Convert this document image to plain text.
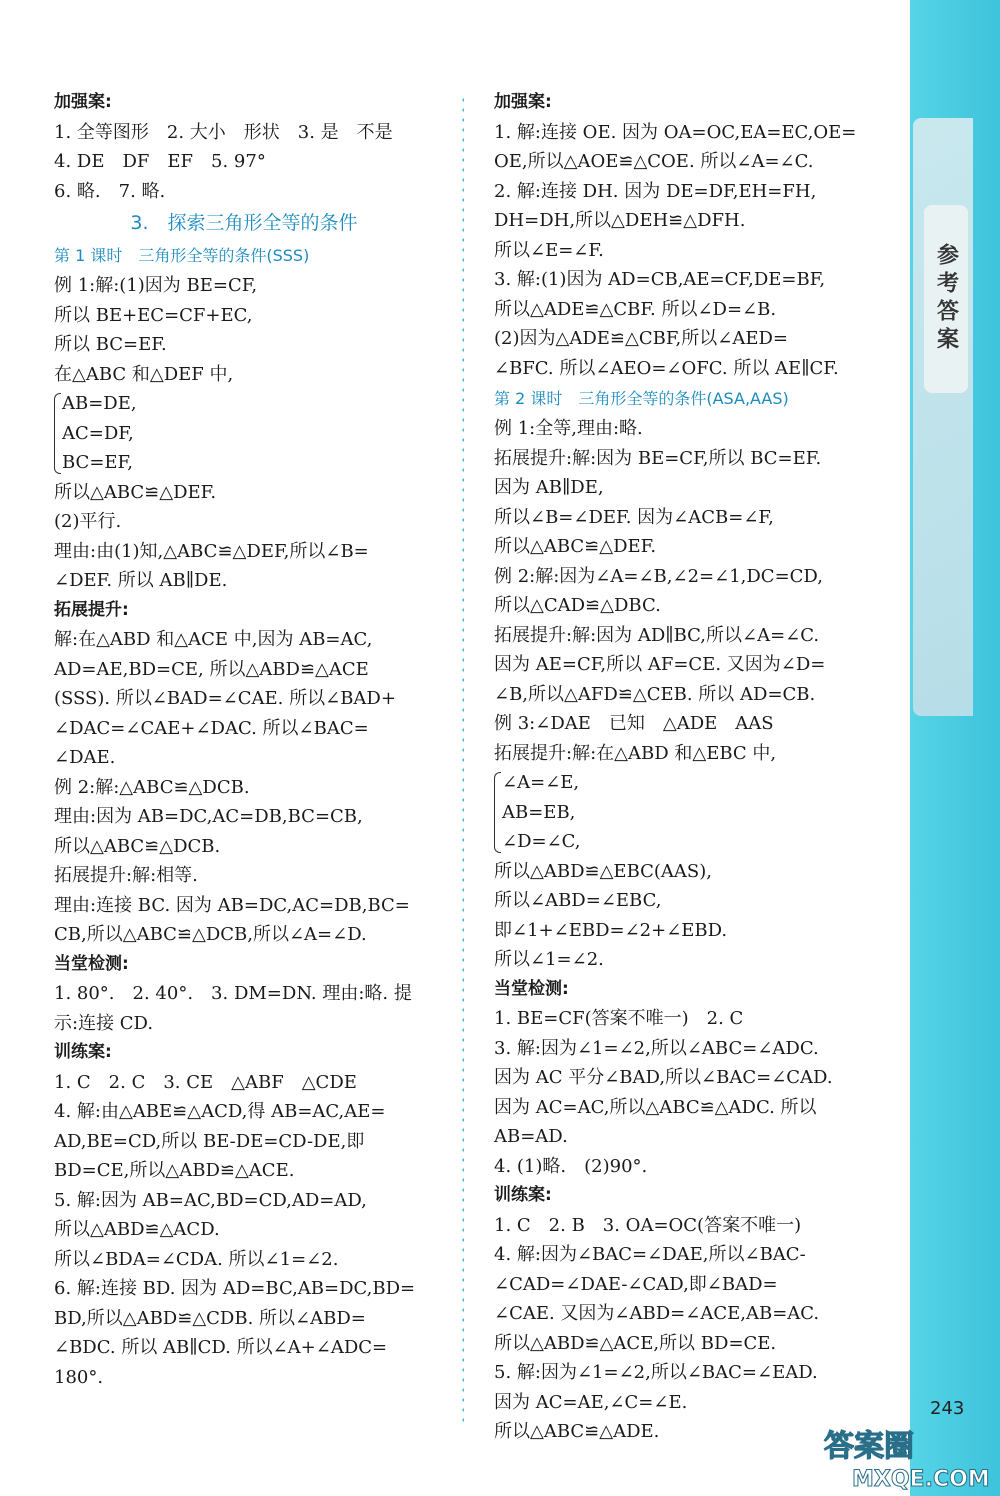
参考答案
加强案:
1. 全等图形　2. 大小　形状　3. 是　不是
4. DE　DF　EF　5. 97°
6. 略.　7. 略.
3.　探索三角形全等的条件
第 1 课时　三角形全等的条件(SSS)
例 1:解:(1)因为 BE=CF,
所以 BE+EC=CF+EC,
所以 BC=EF.
在△ABC 和△DEF 中,
AB=DE,
AC=DF,
BC=EF,
所以△ABC≌△DEF.
(2)平行.
理由:由(1)知,△ABC≌△DEF,所以∠B=
∠DEF. 所以 AB∥DE.
拓展提升:
解:在△ABD 和△ACE 中,因为 AB=AC,
AD=AE,BD=CE, 所以△ABD≌△ACE
(SSS). 所以∠BAD=∠CAE. 所以∠BAD+
∠DAC=∠CAE+∠DAC. 所以∠BAC=
∠DAE.
例 2:解:△ABC≌△DCB.
理由:因为 AB=DC,AC=DB,BC=CB,
所以△ABC≌△DCB.
拓展提升:解:相等.
理由:连接 BC. 因为 AB=DC,AC=DB,BC=
CB,所以△ABC≌△DCB,所以∠A=∠D.
当堂检测:
1. 80°.　2. 40°.　3. DM=DN. 理由:略. 提
示:连接 CD.
训练案:
1. C　2. C　3. CE　△ABF　△CDE
4. 解:由△ABE≌△ACD,得 AB=AC,AE=
AD,BE=CD,所以 BE-DE=CD-DE,即
BD=CE,所以△ABD≌△ACE.
5. 解:因为 AB=AC,BD=CD,AD=AD,
所以△ABD≌△ACD.
所以∠BDA=∠CDA. 所以∠1=∠2.
6. 解:连接 BD. 因为 AD=BC,AB=DC,BD=
BD,所以△ABD≌△CDB. 所以∠ABD=
∠BDC. 所以 AB∥CD. 所以∠A+∠ADC=
180°.
加强案:
1. 解:连接 OE. 因为 OA=OC,EA=EC,OE=
OE,所以△AOE≌△COE. 所以∠A=∠C.
2. 解:连接 DH. 因为 DE=DF,EH=FH,
DH=DH,所以△DEH≌△DFH.
所以∠E=∠F.
3. 解:(1)因为 AD=CB,AE=CF,DE=BF,
所以△ADE≌△CBF. 所以∠D=∠B.
(2)因为△ADE≌△CBF,所以∠AED=
∠BFC. 所以∠AEO=∠OFC. 所以 AE∥CF.
第 2 课时　三角形全等的条件(ASA,AAS)
例 1:全等,理由:略.
拓展提升:解:因为 BE=CF,所以 BC=EF.
因为 AB∥DE,
所以∠B=∠DEF. 因为∠ACB=∠F,
所以△ABC≌△DEF.
例 2:解:因为∠A=∠B,∠2=∠1,DC=CD,
所以△CAD≌△DBC.
拓展提升:解:因为 AD∥BC,所以∠A=∠C.
因为 AE=CF,所以 AF=CE. 又因为∠D=
∠B,所以△AFD≌△CEB. 所以 AD=CB.
例 3:∠DAE　已知　△ADE　AAS
拓展提升:解:在△ABD 和△EBC 中,
∠A=∠E,
AB=EB,
∠D=∠C,
所以△ABD≌△EBC(AAS),
所以∠ABD=∠EBC,
即∠1+∠EBD=∠2+∠EBD.
所以∠1=∠2.
当堂检测:
1. BE=CF(答案不唯一)　2. C
3. 解:因为∠1=∠2,所以∠ABC=∠ADC.
因为 AC 平分∠BAD,所以∠BAC=∠CAD.
因为 AC=AC,所以△ABC≌△ADC. 所以
AB=AD.
4. (1)略.　(2)90°.
训练案:
1. C　2. B　3. OA=OC(答案不唯一)
4. 解:因为∠BAC=∠DAE,所以∠BAC-
∠CAD=∠DAE-∠CAD,即∠BAD=
∠CAE. 又因为∠ABD=∠ACE,AB=AC.
所以△ABD≌△ACE,所以 BD=CE.
5. 解:因为∠1=∠2,所以∠BAC=∠EAD.
因为 AC=AE,∠C=∠E.
所以△ABC≌△ADE.
243
答案圈
MXQE.COM
